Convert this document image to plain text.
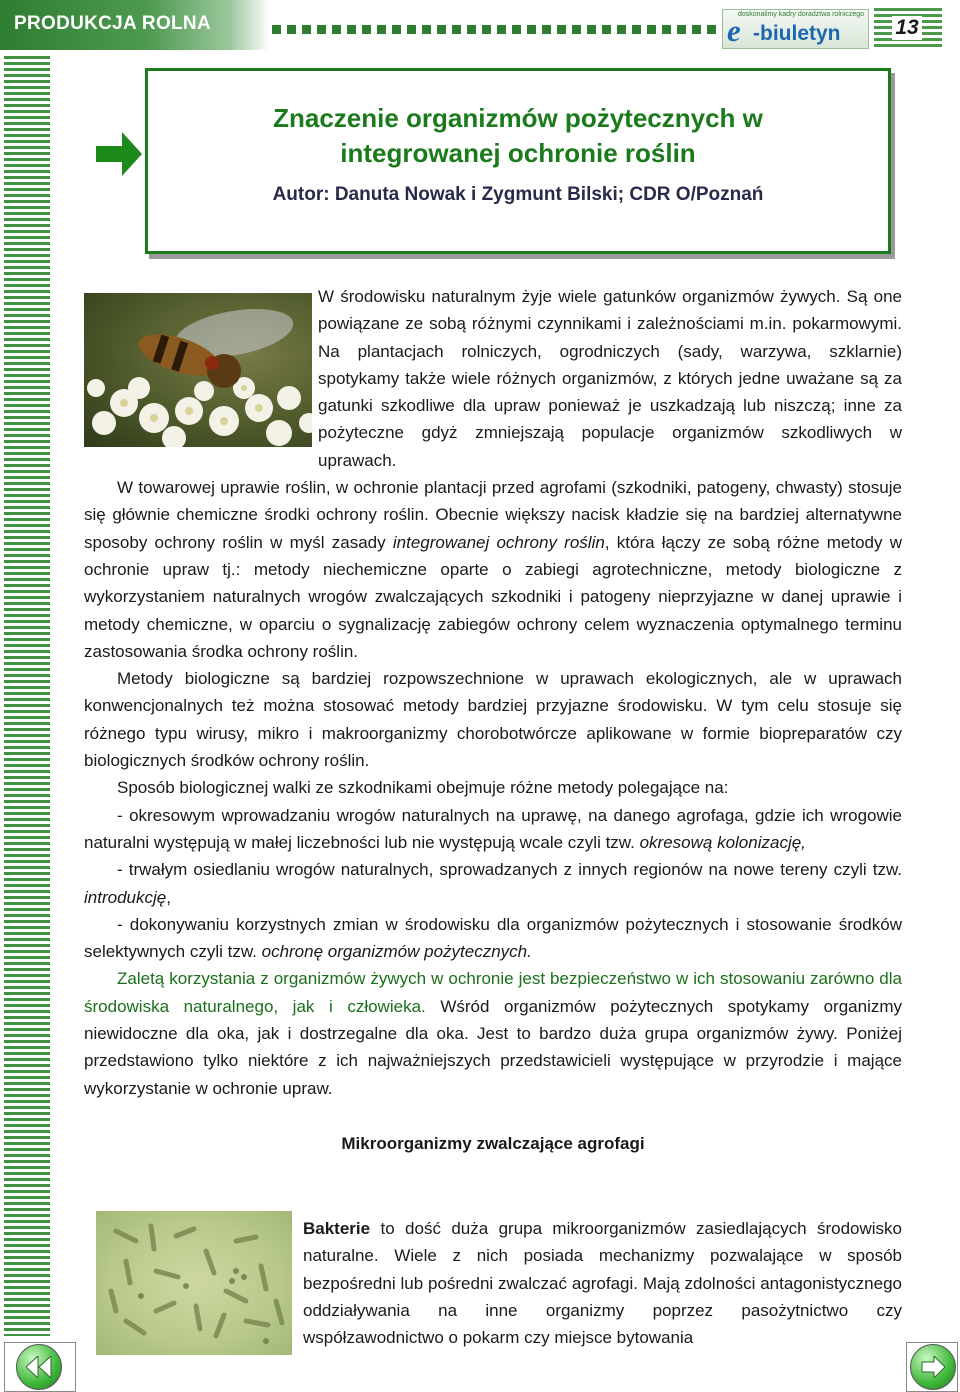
PRODUKCJA ROLNA	doskonalimy kadry doradztwa rolniczego
e -biuletyn	13
Znaczenie organizmów pożytecznych w
integrowanej ochronie roślin
Autor: Danuta Nowak i Zygmunt Bilski; CDR O/Poznań

W środowisku naturalnym żyje wiele gatunków organizmów żywych. Są one powiązane ze sobą różnymi czynnikami i zależnościami m.in. pokarmowymi. Na plantacjach rolniczych, ogrodniczych (sady, warzywa, szklarnie) spotykamy także wiele różnych organizmów, z których jedne uważane są za gatunki szkodliwe dla upraw ponieważ je uszkadzają lub niszczą; inne za pożyteczne gdyż zmniejszają populacje organizmów szkodliwych w uprawach.

W towarowej uprawie roślin, w ochronie plantacji przed agrofami (szkodniki, patogeny, chwasty) stosuje się głównie chemiczne środki ochrony roślin. Obecnie większy nacisk kładzie się na bardziej alternatywne sposoby ochrony roślin w myśl zasady integrowanej ochrony roślin, która łączy ze sobą różne metody w ochronie upraw tj.: metody niechemiczne oparte o zabiegi agrotechniczne, metody biologiczne z wykorzystaniem naturalnych wrogów zwalczających szkodniki i patogeny nieprzyjazne w danej uprawie i metody chemiczne, w oparciu o sygnalizację zabiegów ochrony celem wyznaczenia optymalnego terminu zastosowania środka ochrony roślin.

Metody biologiczne są bardziej rozpowszechnione w uprawach ekologicznych, ale w uprawach konwencjonalnych też można stosować metody bardziej przyjazne środowisku. W tym celu stosuje się różnego typu wirusy, mikro i makroorganizmy chorobotwórcze aplikowane w formie biopreparatów czy biologicznych środków ochrony roślin.

Sposób biologicznej walki ze szkodnikami obejmuje różne metody polegające na:

- okresowym wprowadzaniu wrogów naturalnych na uprawę, na danego agrofaga, gdzie ich wrogowie naturalni występują w małej liczebności lub nie występują wcale czyli tzw. okresową kolonizację,

- trwałym osiedlaniu wrogów naturalnych, sprowadzanych z innych regionów na nowe tereny czyli tzw. introdukcję,

- dokonywaniu korzystnych zmian w środowisku dla organizmów pożytecznych i stosowanie środków selektywnych czyli tzw. ochronę organizmów pożytecznych.

Zaletą korzystania z organizmów żywych w ochronie jest bezpieczeństwo w ich stosowaniu zarówno dla środowiska naturalnego, jak i człowieka. Wśród organizmów pożytecznych spotykamy organizmy niewidoczne dla oka, jak i dostrzegalne dla oka. Jest to bardzo duża grupa organizmów żywy. Poniżej przedstawiono tylko niektóre z ich najważniejszych przedstawicieli występujące w przyrodzie i mające wykorzystanie w ochronie upraw.

Mikroorganizmy zwalczające agrofagi

Bakterie to dość duża grupa mikroorganizmów zasiedlających środowisko naturalne. Wiele z nich posiada mechanizmy pozwalające w sposób bezpośredni lub pośredni zwalczać agrofagi. Mają zdolności antagonistycznego oddziaływania na inne organizmy poprzez pasożytnictwo czy współzawodnictwo o pokarm czy miejsce bytowania
